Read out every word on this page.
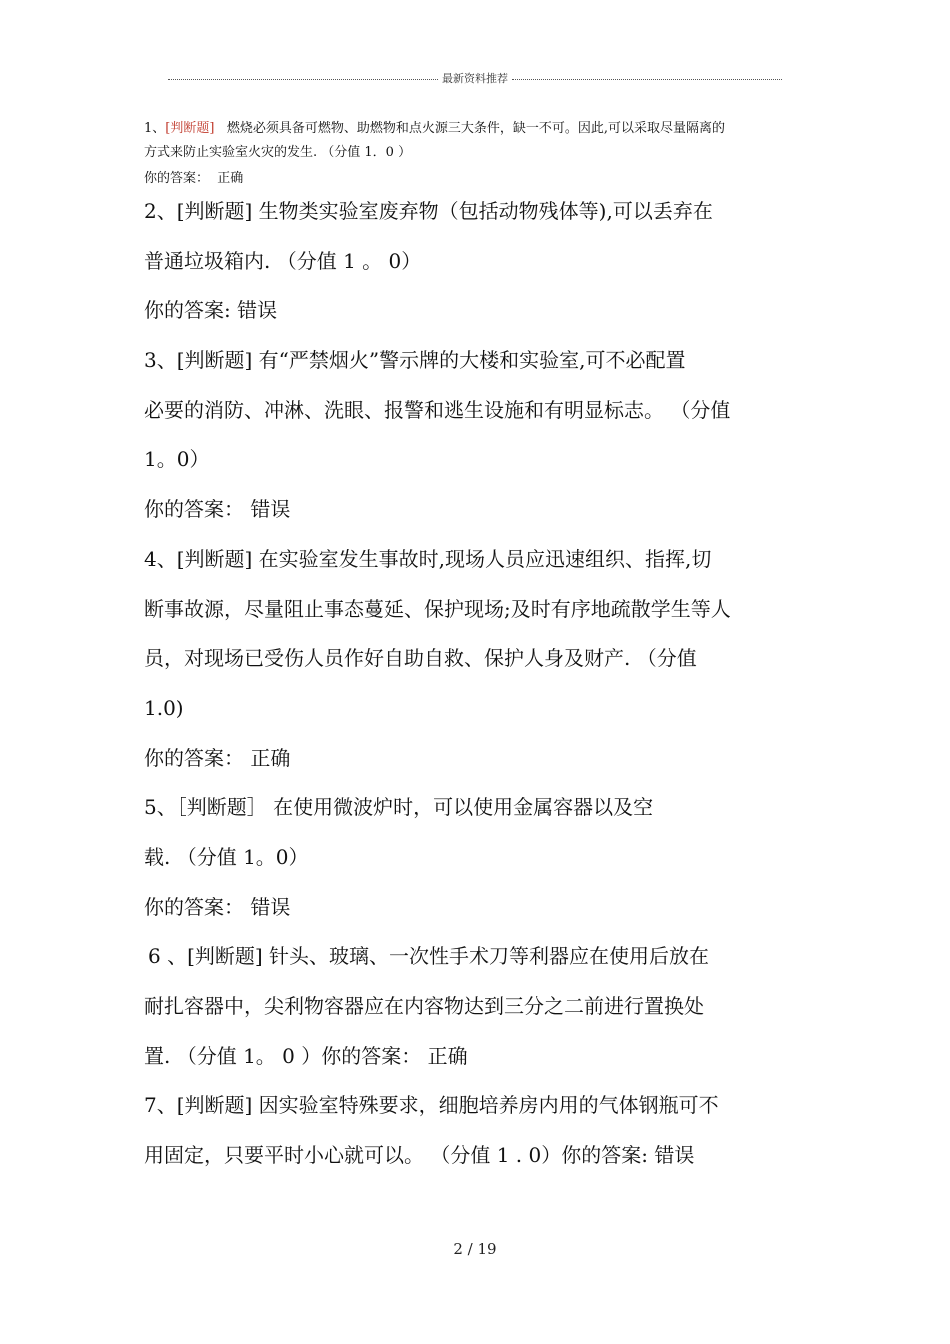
最新资料推荐
1、[判断题] 燃烧必须具备可燃物、助燃物和点火源三大条件，缺一不可。因此,可以采取尽量隔离的
方式来防止实验室火灾的发生. （分值 1．0 ）
你的答案： 正确
2、[判断题] 生物类实验室废弃物（包括动物残体等),可以丢弃在
普通垃圾箱内. （分值 1 。 0）
你的答案: 错误
3、[判断题] 有“严禁烟火”警示牌的大楼和实验室,可不必配置
必要的消防、冲淋、洗眼、报警和逃生设施和有明显标志。 （分值
1。0）
你的答案： 错误
4、[判断题] 在实验室发生事故时,现场人员应迅速组织、指挥,切
断事故源，尽量阻止事态蔓延、保护现场;及时有序地疏散学生等人
员，对现场已受伤人员作好自助自救、保护人身及财产. （分值
1.0)
你的答案： 正确
5、［判断题］ 在使用微波炉时，可以使用金属容器以及空
载. （分值 1。0）
你的答案： 错误
6 、[判断题] 针头、玻璃、一次性手术刀等利器应在使用后放在
耐扎容器中，尖利物容器应在内容物达到三分之二前进行置换处
置. （分值 1。 0 ）你的答案： 正确
7、[判断题] 因实验室特殊要求，细胞培养房内用的气体钢瓶可不
用固定，只要平时小心就可以。 （分值 1 . 0）你的答案: 错误
2 / 19
